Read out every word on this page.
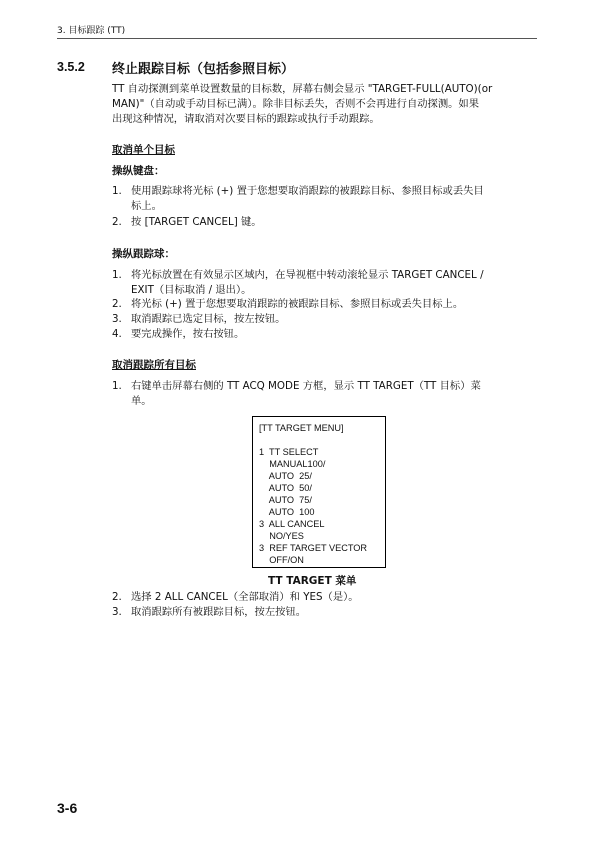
3. 目标跟踪 (TT)
3.5.2 终止跟踪目标（包括参照目标）
TT 自动探测到菜单设置数量的目标数，屏幕右侧会显示 "TARGET-FULL(AUTO)(or
MAN)"（自动或手动目标已满）。除非目标丢失，否则不会再进行自动探测。如果
出现这种情况，请取消对次要目标的跟踪或执行手动跟踪。
取消单个目标
操纵键盘：
1. 使用跟踪球将光标 (+) 置于您想要取消跟踪的被跟踪目标、参照目标或丢失目
标上。
2. 按 [TARGET CANCEL] 键。
操纵跟踪球：
1. 将光标放置在有效显示区域内，在导视框中转动滚轮显示 TARGET CANCEL /
EXIT（目标取消 / 退出）。
2. 将光标 (+) 置于您想要取消跟踪的被跟踪目标、参照目标或丢失目标上。
3. 取消跟踪已选定目标，按左按钮。
4. 要完成操作，按右按钮。
取消跟踪所有目标
1. 右键单击屏幕右侧的 TT ACQ MODE 方框，显示 TT TARGET（TT 目标）菜
单。
[TT TARGET MENU]
1  TT SELECT
MANUAL100/
AUTO  25/
AUTO  50/
AUTO  75/
AUTO  100
3  ALL CANCEL
NO/YES
3  REF TARGET VECTOR
OFF/ON
TT TARGET 菜单
2. 选择 2 ALL CANCEL（全部取消）和 YES（是）。
3. 取消跟踪所有被跟踪目标，按左按钮。
3-6
